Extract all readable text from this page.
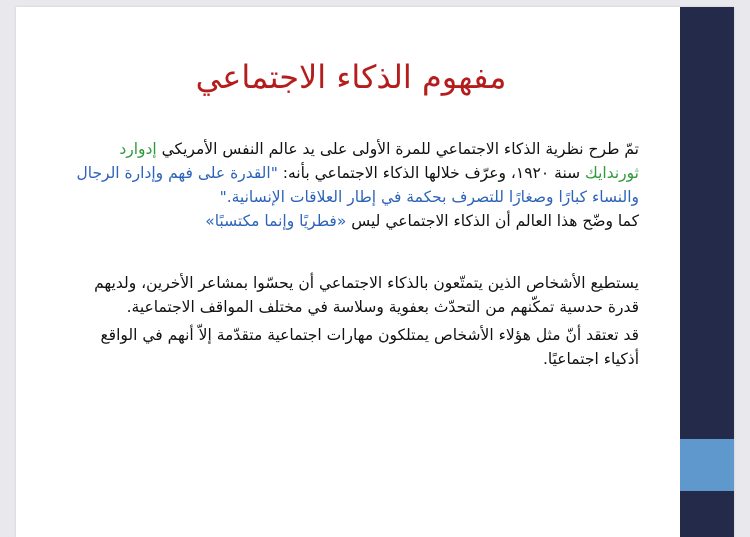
مفهوم الذكاء الاجتماعي

تمّ طرح نظرية الذكاء الاجتماعي للمرة الأولى على يد عالم النفس الأمريكي إدوارد ثورندايك سنة ١٩٢٠، وعرّف خلالها الذكاء الاجتماعي بأنه: "القدرة على فهم وإدارة الرجال والنساء كبارًا وصغارًا للتصرف بحكمة في إطار العلاقات الإنسانية."

كما وضّح هذا العالم أن الذكاء الاجتماعي ليس «فطريًا وإنما مكتسبًا»

يستطيع الأشخاص الذين يتمتّعون بالذكاء الاجتماعي أن يحسّوا بمشاعر الأخرين، ولديهم قدرة حدسية تمكّنهم من التحدّث بعفوية وسلاسة في مختلف المواقف الاجتماعية.

قد تعتقد أنّ مثل هؤلاء الأشخاص يمتلكون مهارات اجتماعية متقدّمة إلاّ أنهم في الواقع أذكياء اجتماعيًا.
